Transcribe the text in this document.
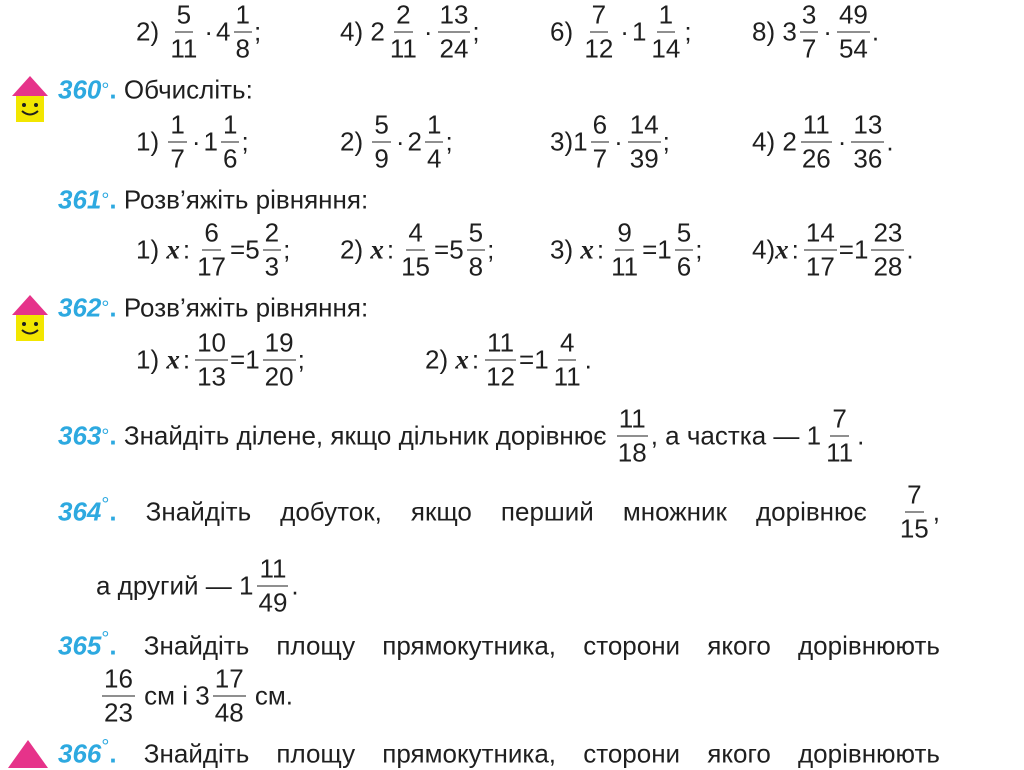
2)
$\frac{5}{11} \cdot 4 \frac{1}{8}$ ;	4)
$2 \frac{2}{11} \cdot \frac{13}{24}$ ;	6)
$\frac{7}{12} \cdot 1 \frac{1}{14}$ ; 8)
$3 \frac{3}{7} \cdot \frac{49}{54}$ .
360 ° .
Обчисліть:
1)
$\frac{1}{7} \cdot 1 \frac{1}{6}$ ;	2)
$\frac{5}{9} \cdot 2 \frac{1}{4}$ ;	3) $1 \frac{6}{7} \cdot \frac{14}{39}$ ;	4)
$2 \frac{11}{26} \cdot \frac{13}{36}$ .
361 ° .
Розв’яжіть рівняння:
1)
x : $\frac{6}{17} = 5 \frac{2}{3}$ ; 2)
x : $\frac{4}{15} = 5 \frac{5}{8}$ ; 3)
x : $\frac{9}{11} = 1 \frac{5}{6}$ ; 4) x : $\frac{14}{17} = 1 \frac{23}{28}$ .
362 ° .
Розв’яжіть рівняння:
1)
x : $\frac{10}{13} = 1 \frac{19}{20}$ ;	2)
x : $\frac{11}{12} = 1 \frac{4}{11}$ .
363 ° .
Знайдіть ділене, якщо дільник дорівнює
$\frac{11}{18}$ , а частка —
$1 \frac{7}{11}$ .
364°. Знайдіть добуток, якщо перший множник дорівнює $\frac{7}{15}$ ,
а другий —
$1 \frac{11}{49}$ .
365°. Знайдіть площу прямокутника, сторони якого дорівнюють
$\frac{16}{23}$
см і
$3 \frac{17}{48}$
см.
366°. Знайдіть площу прямокутника, сторони якого дорівнюють
